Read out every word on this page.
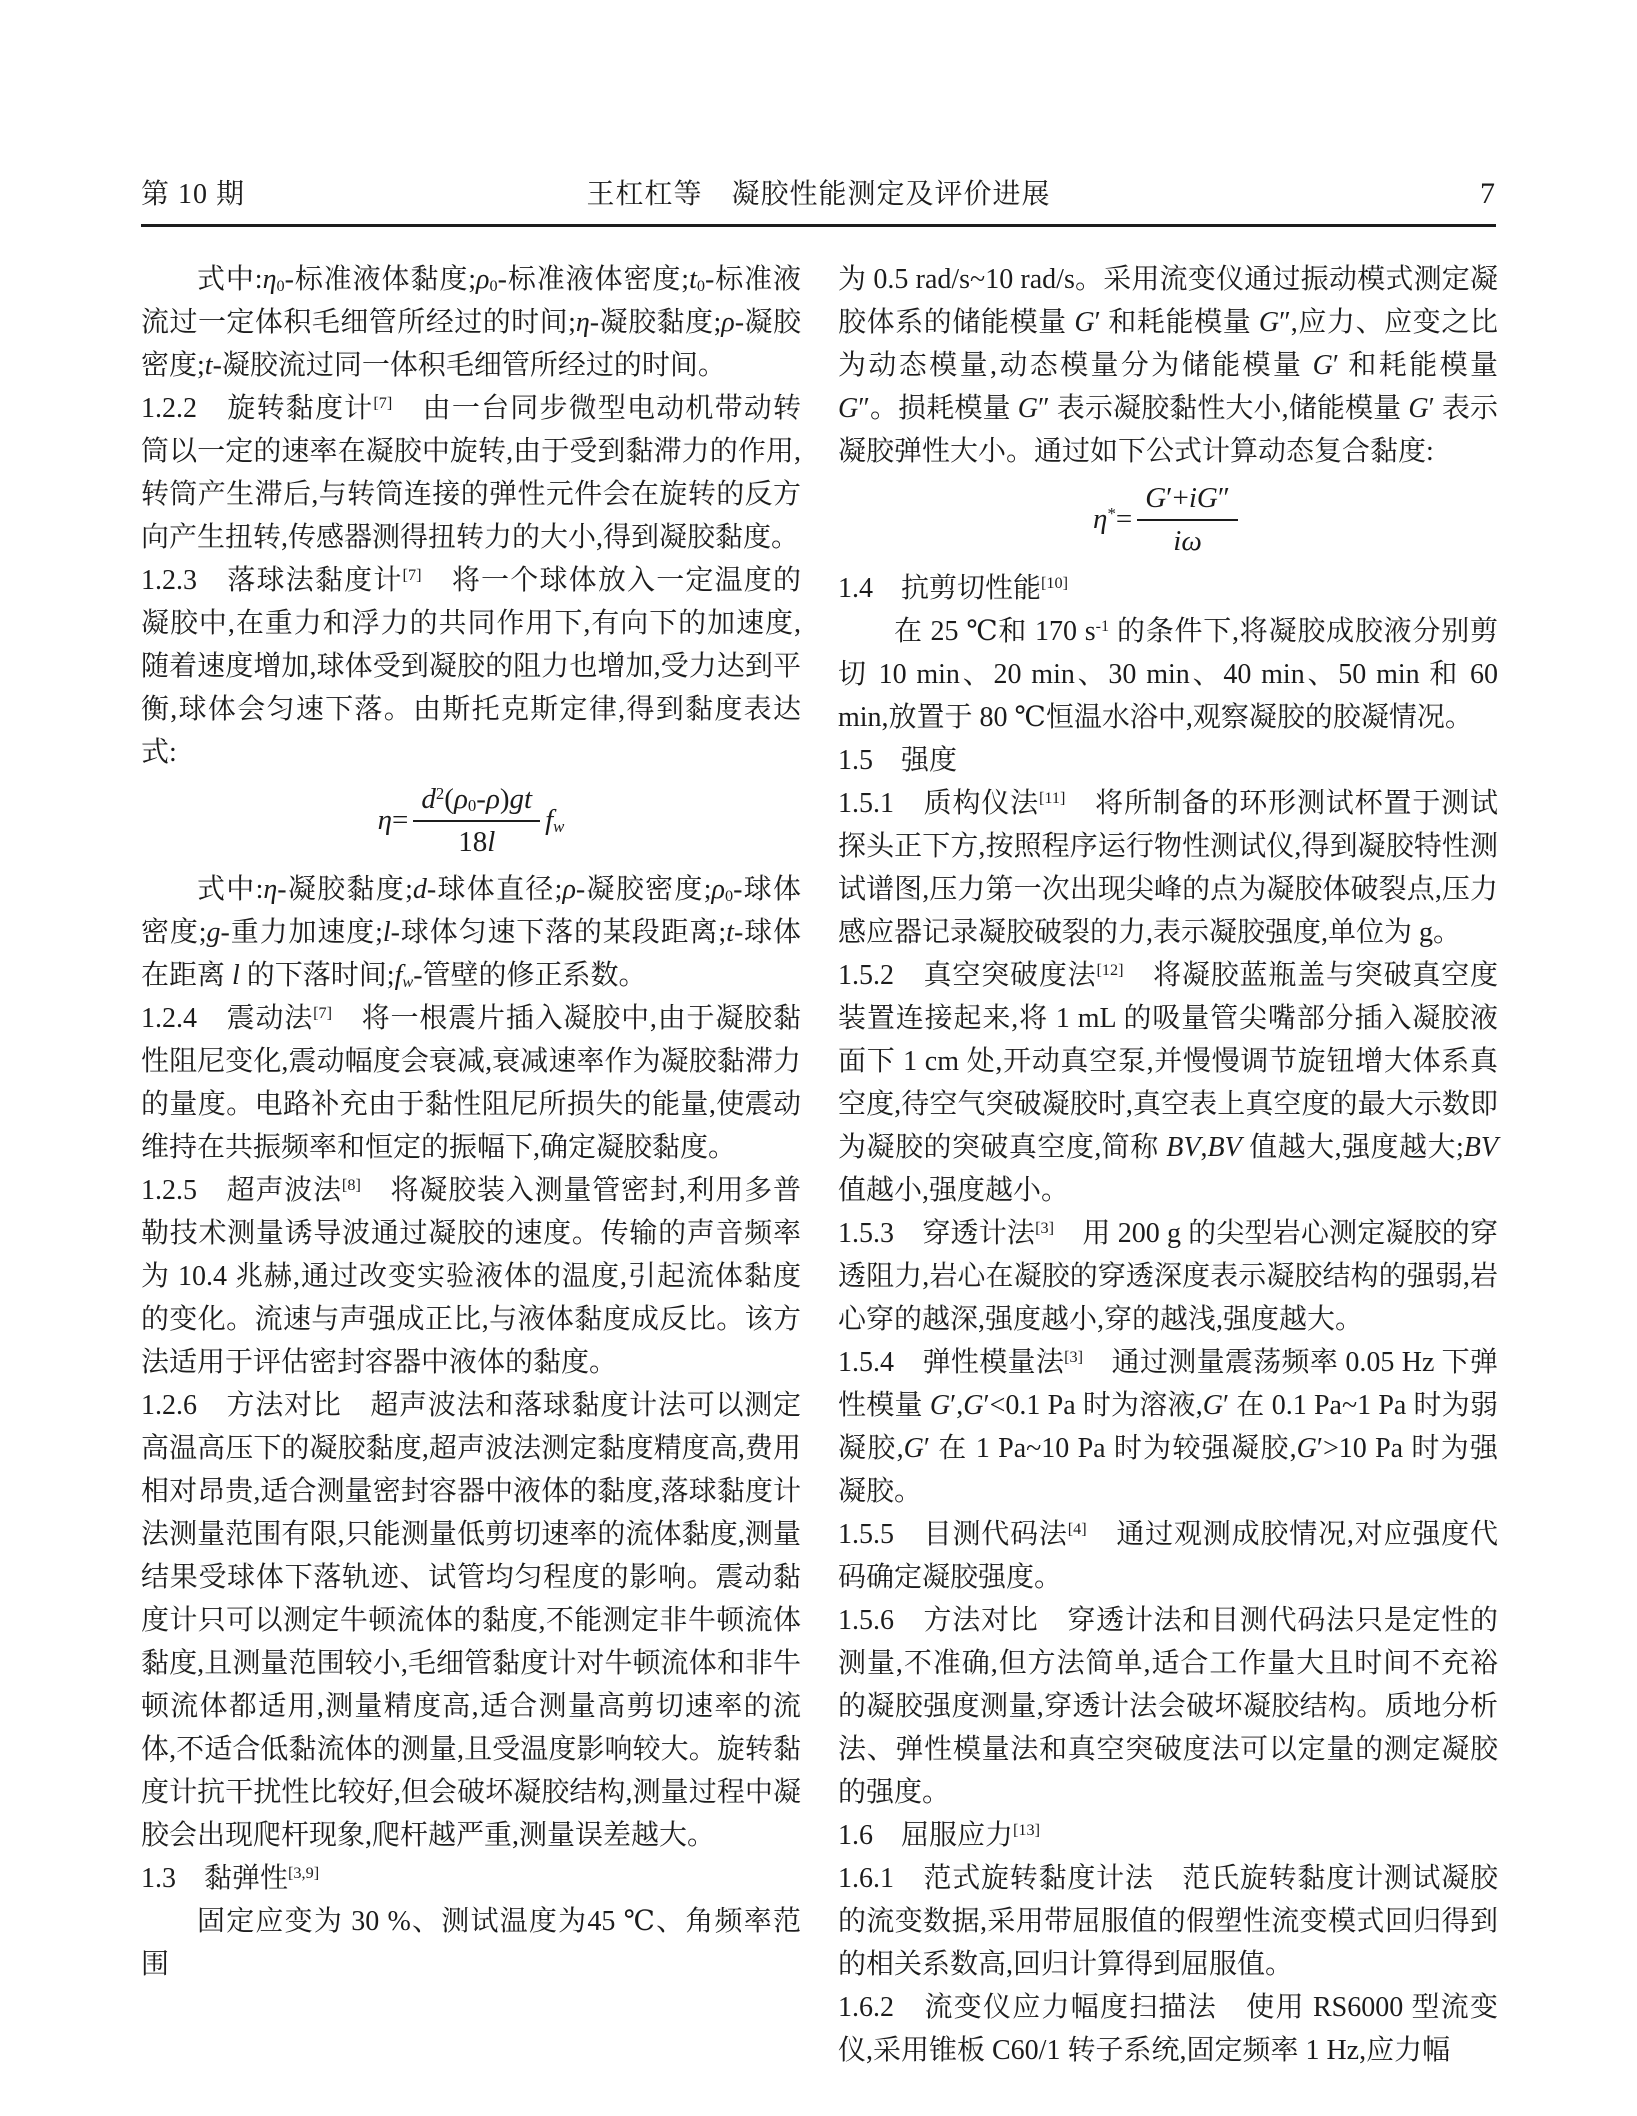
第 10 期	王杠杠等　凝胶性能测定及评价进展	7

式中$:\eta_0-$标准液体黏度$;\rho_0-$标准液体密度$;t_0-$标准液流过一定体积毛细管所经过的时间;η-凝胶黏度;ρ-凝胶密度;t-凝胶流过同一体积毛细管所经过的时间。

1.2.2　旋转黏度计[7]　由一台同步微型电动机带动转筒以一定的速率在凝胶中旋转,由于受到黏滞力的作用,转筒产生滞后,与转筒连接的弹性元件会在旋转的反方向产生扭转,传感器测得扭转力的大小,得到凝胶黏度。

1.2.3　落球法黏度计[7]　将一个球体放入一定温度的凝胶中,在重力和浮力的共同作用下,有向下的加速度,随着速度增加,球体受到凝胶的阻力也增加,受力达到平衡,球体会匀速下落。由斯托克斯定律,得到黏度表达式:

$\eta= \frac{d^2(\rho_0-\rho)gt}{18l} f_w$

式中:η-凝胶黏度;d-球体直径;ρ-凝胶密度$;\rho_0-$球体密度;g-重力加速度;l-球体匀速下落的某段距离;t-球体在距离 l 的下落时间$;f_w-$管壁的修正系数。

1.2.4　震动法[7]　将一根震片插入凝胶中,由于凝胶黏性阻尼变化,震动幅度会衰减,衰减速率作为凝胶黏滞力的量度。电路补充由于黏性阻尼所损失的能量,使震动维持在共振频率和恒定的振幅下,确定凝胶黏度。

1.2.5　超声波法[8]　将凝胶装入测量管密封,利用多普勒技术测量诱导波通过凝胶的速度。传输的声音频率为 10.4 兆赫,通过改变实验液体的温度,引起流体黏度的变化。流速与声强成正比,与液体黏度成反比。该方法适用于评估密封容器中液体的黏度。

1.2.6　方法对比　超声波法和落球黏度计法可以测定高温高压下的凝胶黏度,超声波法测定黏度精度高,费用相对昂贵,适合测量密封容器中液体的黏度,落球黏度计法测量范围有限,只能测量低剪切速率的流体黏度,测量结果受球体下落轨迹、试管均匀程度的影响。震动黏度计只可以测定牛顿流体的黏度,不能测定非牛顿流体黏度,且测量范围较小,毛细管黏度计对牛顿流体和非牛顿流体都适用,测量精度高,适合测量高剪切速率的流体,不适合低黏流体的测量,且受温度影响较大。旋转黏度计抗干扰性比较好,但会破坏凝胶结构,测量过程中凝胶会出现爬杆现象,爬杆越严重,测量误差越大。

1.3　黏弹性[3,9]

固定应变为 30 %、测试温度为45 ℃、角频率范围

为 0.5 rad/s~10 rad/s。采用流变仪通过振动模式测定凝胶体系的储能模量 G′ 和耗能模量 G″,应力、应变之比为动态模量,动态模量分为储能模量 G′ 和耗能模量 G″。损耗模量 G″ 表示凝胶黏性大小,储能模量 G′ 表示凝胶弹性大小。通过如下公式计算动态复合黏度:

$\eta^*= \frac{G'+iG''}{i\omega}$

1.4　抗剪切性能[10]

在 25 ℃和 170 $s^{-1}$ 的条件下,将凝胶成胶液分别剪切 10 min、20 min、30 min、40 min、50 min 和 60 min,放置于 80 ℃恒温水浴中,观察凝胶的胶凝情况。

1.5　强度

1.5.1　质构仪法[11]　将所制备的环形测试杯置于测试探头正下方,按照程序运行物性测试仪,得到凝胶特性测试谱图,压力第一次出现尖峰的点为凝胶体破裂点,压力感应器记录凝胶破裂的力,表示凝胶强度,单位为 g。

1.5.2　真空突破度法[12]　将凝胶蓝瓶盖与突破真空度装置连接起来,将 1 mL 的吸量管尖嘴部分插入凝胶液面下 1 cm 处,开动真空泵,并慢慢调节旋钮增大体系真空度,待空气突破凝胶时,真空表上真空度的最大示数即为凝胶的突破真空度,简称 BV,BV 值越大,强度越大;BV 值越小,强度越小。

1.5.3　穿透计法[3]　用 200 g 的尖型岩心测定凝胶的穿透阻力,岩心在凝胶的穿透深度表示凝胶结构的强弱,岩心穿的越深,强度越小,穿的越浅,强度越大。

1.5.4　弹性模量法[3]　通过测量震荡频率 0.05 Hz 下弹性模量 G′,G′<0.1 Pa 时为溶液,G′ 在 0.1 Pa~1 Pa 时为弱凝胶,G′ 在 1 Pa~10 Pa 时为较强凝胶,G′>10 Pa 时为强凝胶。

1.5.5　目测代码法[4]　通过观测成胶情况,对应强度代码确定凝胶强度。

1.5.6　方法对比　穿透计法和目测代码法只是定性的测量,不准确,但方法简单,适合工作量大且时间不充裕的凝胶强度测量,穿透计法会破坏凝胶结构。质地分析法、弹性模量法和真空突破度法可以定量的测定凝胶的强度。

1.6　屈服应力[13]

1.6.1　范式旋转黏度计法　范氏旋转黏度计测试凝胶的流变数据,采用带屈服值的假塑性流变模式回归得到的相关系数高,回归计算得到屈服值。

1.6.2　流变仪应力幅度扫描法　使用 RS6000 型流变仪,采用锥板 C60/1 转子系统,固定频率 1 Hz,应力幅
